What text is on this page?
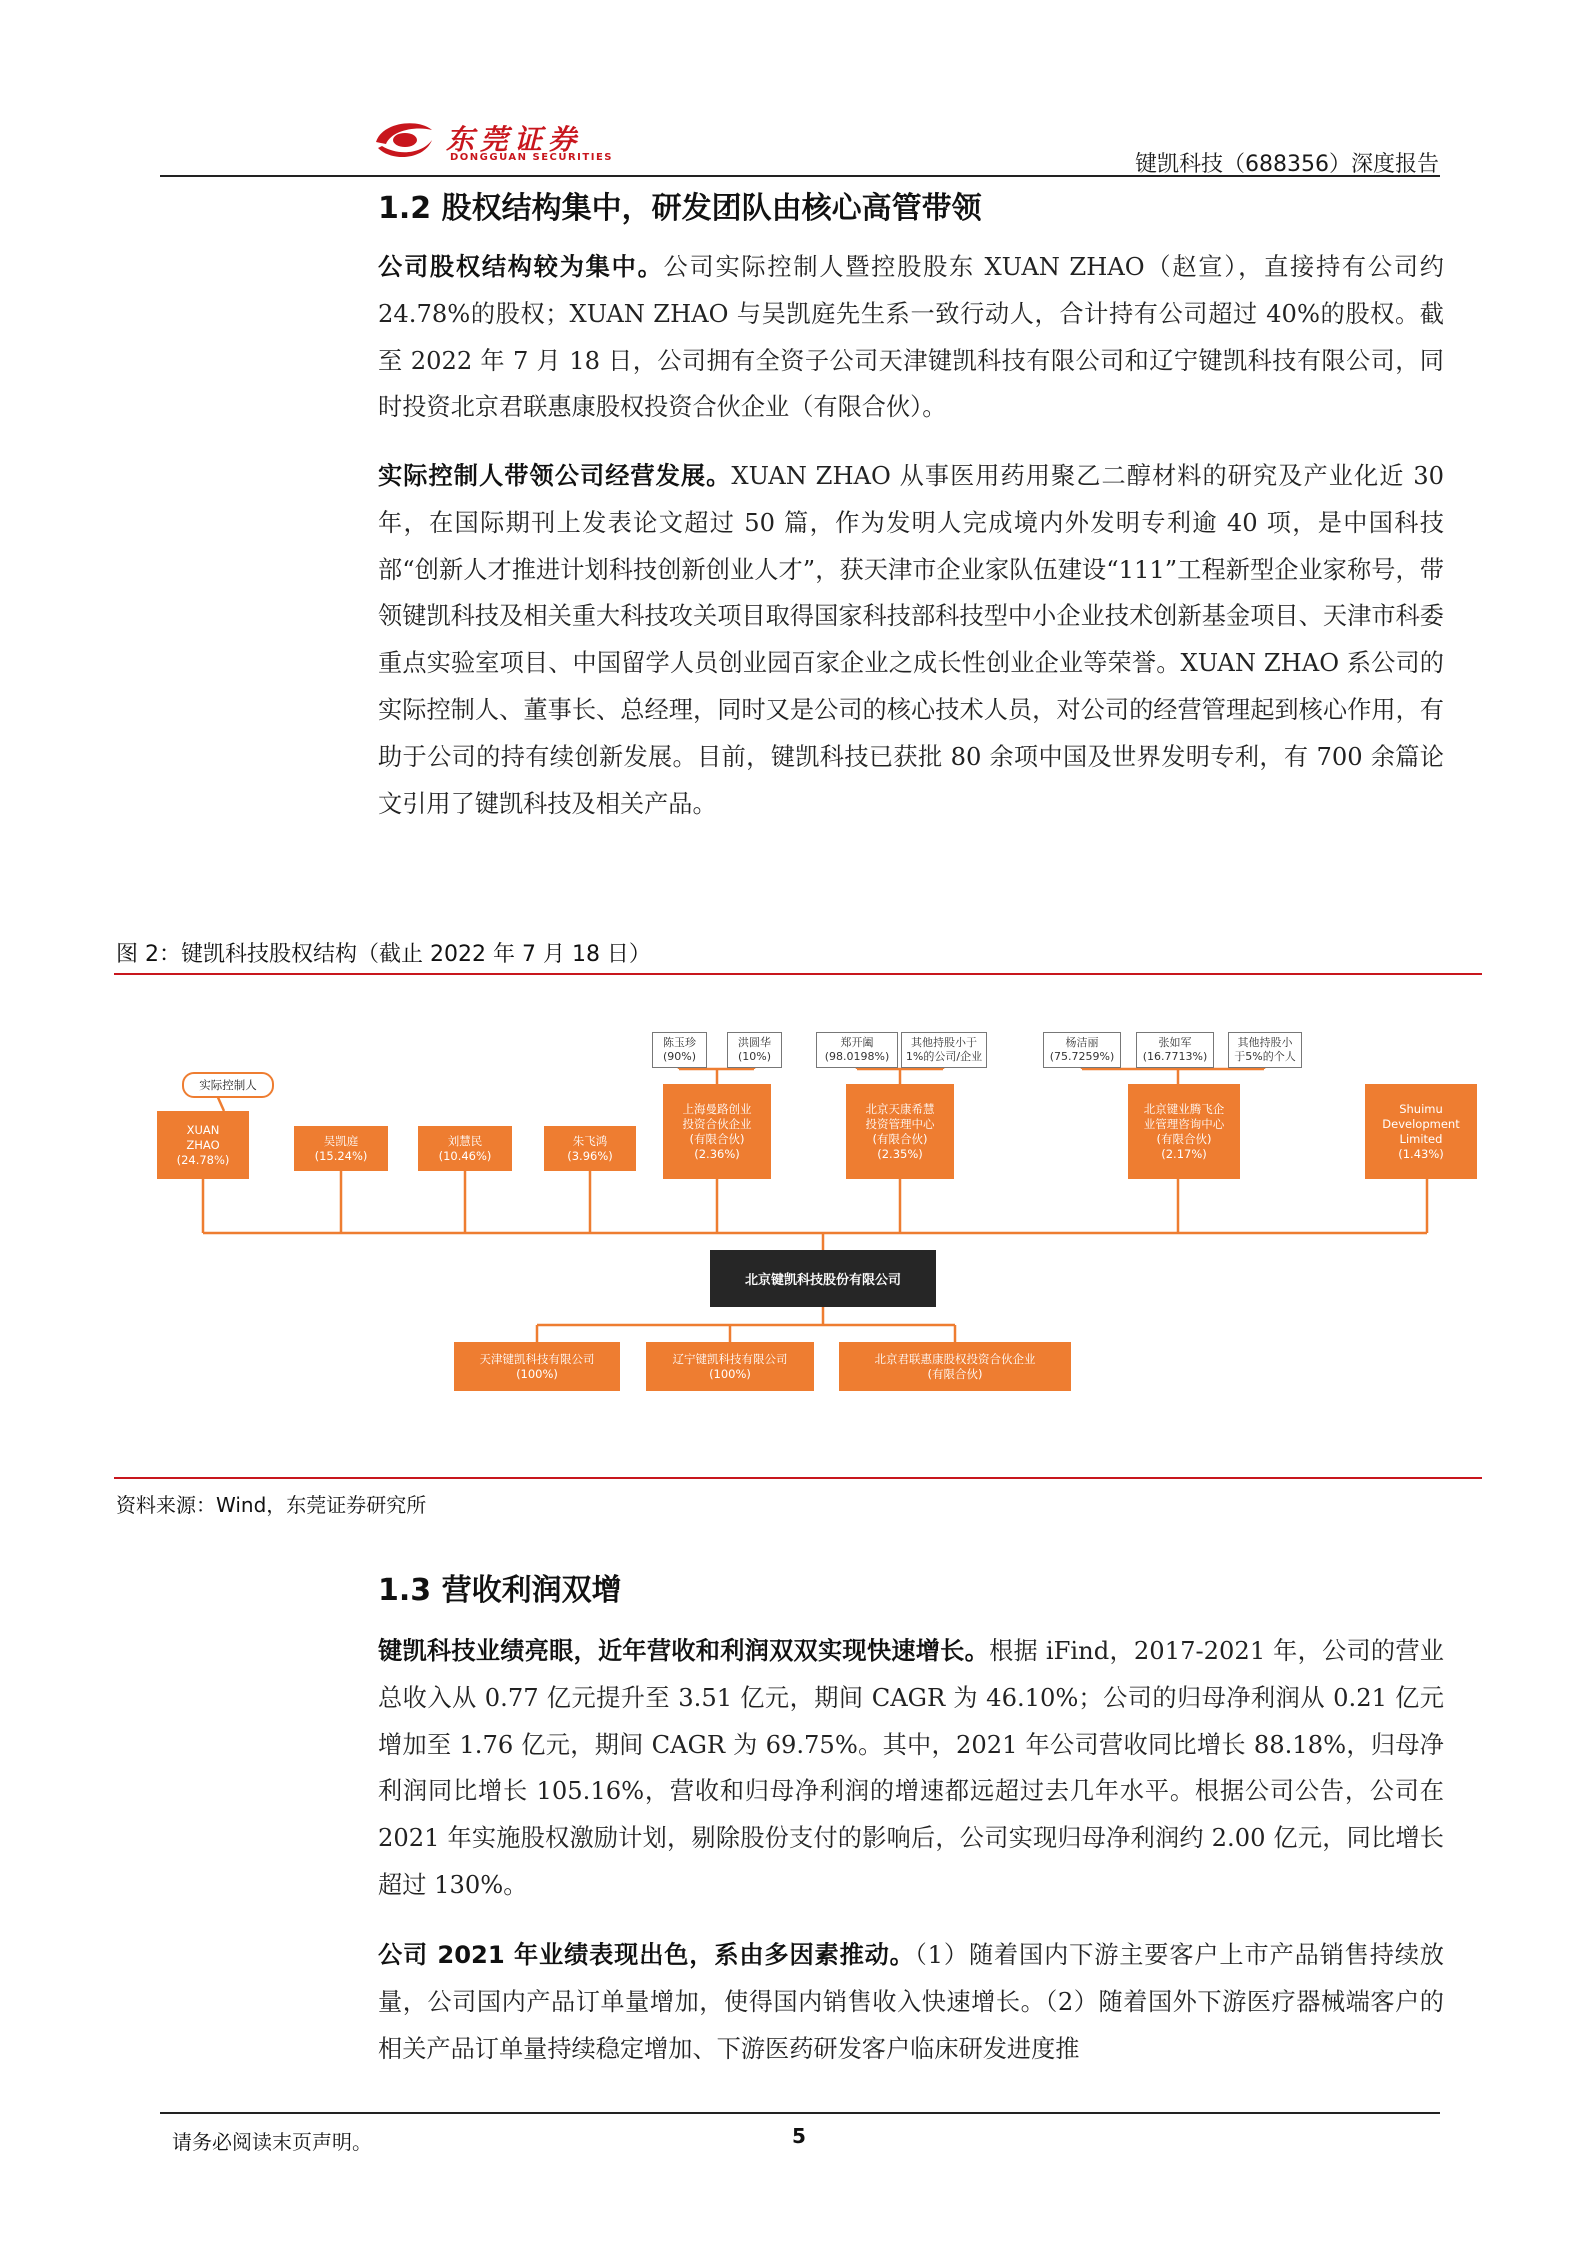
东莞证券
DONGGUAN SECURITIES	键凯科技（688356）深度报告
1.2 股权结构集中，研发团队由核心高管带领
公司股权结构较为集中。公司实际控制人暨控股股东 XUAN ZHAO（赵宣），直接持有公司约 24.78%的股权；XUAN ZHAO 与吴凯庭先生系一致行动人，合计持有公司超过 40%的股权。截至 2022 年 7 月 18 日，公司拥有全资子公司天津键凯科技有限公司和辽宁键凯科技有限公司，同时投资北京君联惠康股权投资合伙企业（有限合伙）。
实际控制人带领公司经营发展。XUAN ZHAO 从事医用药用聚乙二醇材料的研究及产业化近 30 年，在国际期刊上发表论文超过 50 篇，作为发明人完成境内外发明专利逾 40 项，是中国科技部“创新人才推进计划科技创新创业人才”，获天津市企业家队伍建设“111”工程新型企业家称号，带领键凯科技及相关重大科技攻关项目取得国家科技部科技型中小企业技术创新基金项目、天津市科委重点实验室项目、中国留学人员创业园百家企业之成长性创业企业等荣誉。XUAN ZHAO 系公司的实际控制人、董事长、总经理，同时又是公司的核心技术人员，对公司的经营管理起到核心作用，有助于公司的持有续创新发展。目前，键凯科技已获批 80 余项中国及世界发明专利，有 700 余篇论文引用了键凯科技及相关产品。
图 2：键凯科技股权结构（截止 2022 年 7 月 18 日）
实际控制人
陈玉珍
(90%)
洪圆华
(10%)
郑开阖
(98.0198%)
其他持股小于
1%的公司/企业
杨洁丽
(75.7259%)
张如军
(16.7713%)
其他持股小
于5%的个人
XUAN
ZHAO
(24.78%)
吴凯庭
(15.24%)
刘慧民
(10.46%)
朱飞鸿
(3.96%)
上海曼路创业
投资合伙企业
(有限合伙)
(2.36%)
北京天康希慧
投资管理中心
(有限合伙)
(2.35%)
北京键业腾飞企
业管理咨询中心
(有限合伙)
(2.17%)
Shuimu
Development
Limited
(1.43%)
北京键凯科技股份有限公司
天津键凯科技有限公司
(100%)
辽宁键凯科技有限公司
(100%)
北京君联惠康股权投资合伙企业
(有限合伙)
资料来源：Wind，东莞证券研究所
1.3 营收利润双增
键凯科技业绩亮眼，近年营收和利润双双实现快速增长。根据 iFind，2017-2021 年，公司的营业总收入从 0.77 亿元提升至 3.51 亿元，期间 CAGR 为 46.10%；公司的归母净利润从 0.21 亿元增加至 1.76 亿元，期间 CAGR 为 69.75%。其中，2021 年公司营收同比增长 88.18%，归母净利润同比增长 105.16%，营收和归母净利润的增速都远超过去几年水平。根据公司公告，公司在 2021 年实施股权激励计划，剔除股份支付的影响后，公司实现归母净利润约 2.00 亿元，同比增长超过 130%。
公司 2021 年业绩表现出色，系由多因素推动。（1）随着国内下游主要客户上市产品销售持续放量，公司国内产品订单量增加，使得国内销售收入快速增长。（2）随着国外下游医疗器械端客户的相关产品订单量持续稳定增加、下游医药研发客户临床研发进度推
请务必阅读末页声明。	5
